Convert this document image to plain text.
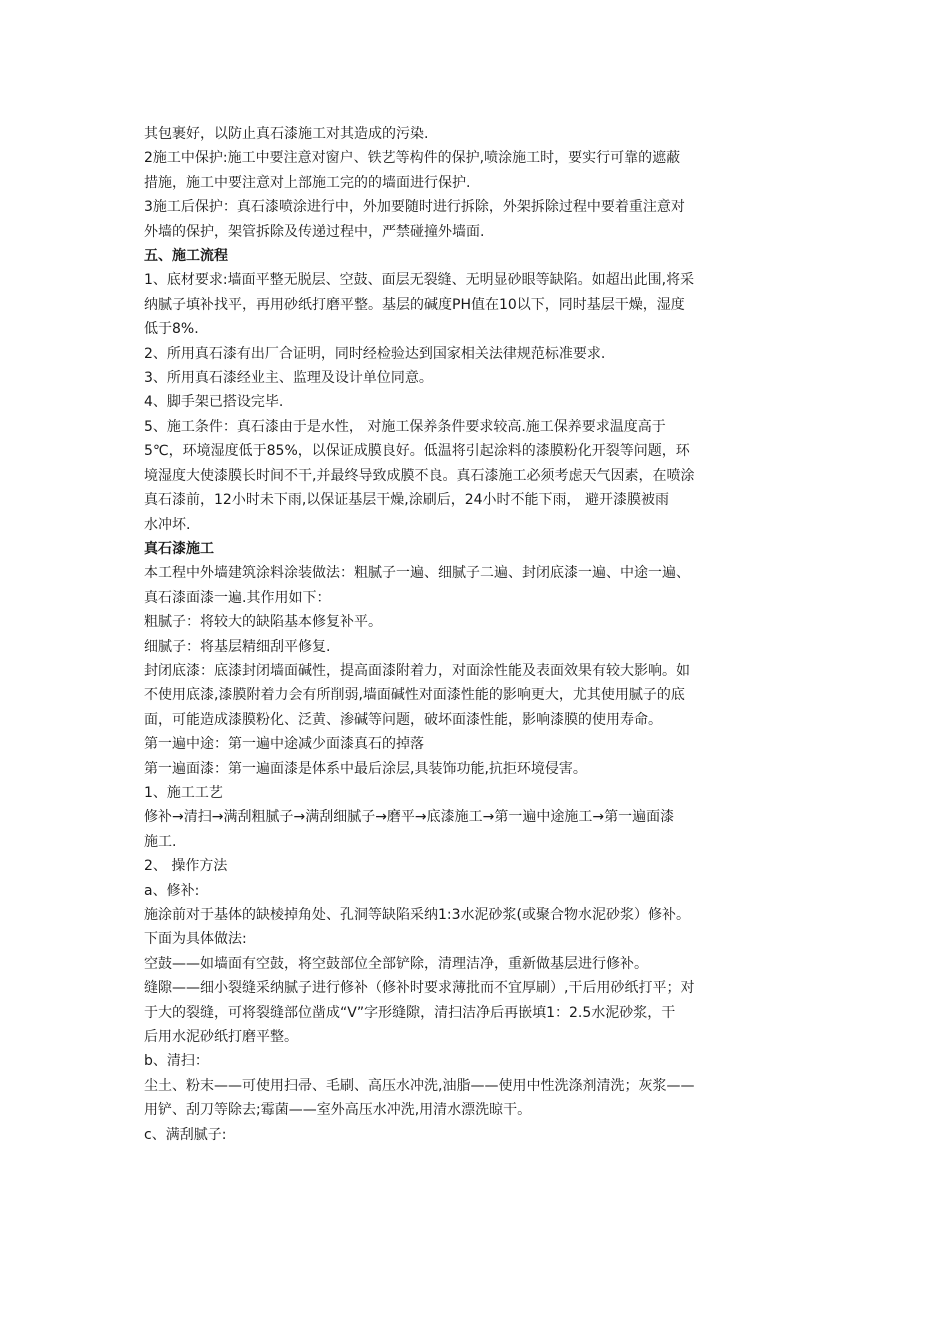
其包裹好，以防止真石漆施工对其造成的污染.
2施工中保护:施工中要注意对窗户、铁艺等构件的保护,喷涂施工时，要实行可靠的遮蔽
措施，施工中要注意对上部施工完的的墙面进行保护.
3施工后保护：真石漆喷涂进行中，外加要随时进行拆除，外架拆除过程中要着重注意对
外墙的保护，架管拆除及传递过程中，严禁碰撞外墙面.
五、施工流程
1、底材要求:墙面平整无脱层、空鼓、面层无裂缝、无明显砂眼等缺陷。如超出此围,将采
纳腻子填补找平，再用砂纸打磨平整。基层的碱度PH值在10以下，同时基层干燥，湿度
低于8%.
2、所用真石漆有出厂合证明，同时经检验达到国家相关法律规范标准要求.
3、所用真石漆经业主、监理及设计单位同意。
4、脚手架已搭设完毕.
5、施工条件：真石漆由于是水性， 对施工保养条件要求较高.施工保养要求温度高于
5℃，环境湿度低于85%，以保证成膜良好。低温将引起涂料的漆膜粉化开裂等问题，环
境湿度大使漆膜长时间不干,并最终导致成膜不良。真石漆施工必须考虑天气因素，在喷涂
真石漆前，12小时未下雨,以保证基层干燥,涂刷后，24小时不能下雨， 避开漆膜被雨
水冲坏.
真石漆施工
本工程中外墙建筑涂料涂装做法：粗腻子一遍、细腻子二遍、封闭底漆一遍、中途一遍、
真石漆面漆一遍.其作用如下：
粗腻子：将较大的缺陷基本修复补平。
细腻子：将基层精细刮平修复.
封闭底漆：底漆封闭墙面碱性，提高面漆附着力，对面涂性能及表面效果有较大影响。如
不使用底漆,漆膜附着力会有所削弱,墙面碱性对面漆性能的影响更大，尤其使用腻子的底
面，可能造成漆膜粉化、泛黄、渗碱等问题，破坏面漆性能，影响漆膜的使用寿命。
第一遍中途：第一遍中途减少面漆真石的掉落
第一遍面漆：第一遍面漆是体系中最后涂层,具装饰功能,抗拒环境侵害。
1、施工工艺
修补→清扫→满刮粗腻子→满刮细腻子→磨平→底漆施工→第一遍中途施工→第一遍面漆
施工.
2、 操作方法
a、修补:
施涂前对于基体的缺棱掉角处、孔洞等缺陷采纳1:3水泥砂浆(或聚合物水泥砂浆）修补。
下面为具体做法:
空鼓——如墙面有空鼓，将空鼓部位全部铲除，清理洁净，重新做基层进行修补。
缝隙——细小裂缝采纳腻子进行修补（修补时要求薄批而不宜厚刷）,干后用砂纸打平；对
于大的裂缝，可将裂缝部位凿成“V”字形缝隙，清扫洁净后再嵌填1：2.5水泥砂浆，干
后用水泥砂纸打磨平整。
b、清扫：
尘土、粉末——可使用扫帚、毛刷、高压水冲洗,油脂——使用中性洗涤剂清洗；灰浆——
用铲、刮刀等除去;霉菌——室外高压水冲洗,用清水漂洗晾干。
c、满刮腻子:
